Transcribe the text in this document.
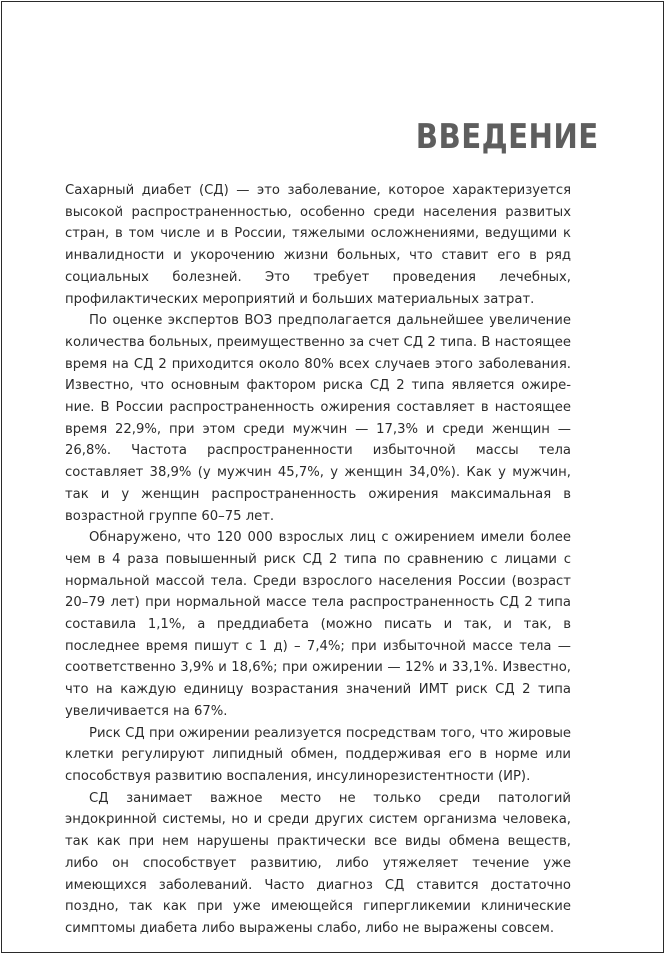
ВВЕДЕНИЕ

Сахарный диабет (СД) — это заболевание, которое характеризуется высокой распространенностью, особенно среди населения развитых стран, в том числе и в России, тяжелыми осложнениями, ведущими к инвалидности и укорочению жизни больных, что ставит его в ряд социальных болезней. Это требует проведения лечебных, профилактических мероприятий и больших материальных затрат.

По оценке экспертов ВОЗ предполагается дальнейшее увеличение количества больных, преимущественно за счет СД 2 типа. В настоящее время на СД 2 приходится около 80% всех случаев этого заболевания. Известно, что основным фактором риска СД 2 типа является ожирение. В России распространенность ожирения составляет в настоящее время 22,9%, при этом среди мужчин — 17,3% и среди женщин — 26,8%. Частота распространенности избыточной массы тела составляет 38,9% (у мужчин 45,7%, у женщин 34,0%). Как у мужчин, так и у женщин распространенность ожирения максимальная в возрастной группе 60–75 лет.

Обнаружено, что 120 000 взрослых лиц с ожирением имели более чем в 4 раза повышенный риск СД 2 типа по сравнению с лицами с нормальной массой тела. Среди взрослого населения России (возраст 20–79 лет) при нормальной массе тела распространенность СД 2 типа составила 1,1%, а преддиабета (можно писать и так, и так, в последнее время пишут с 1 д) – 7,4%; при избыточной массе тела — соответственно 3,9% и 18,6%; при ожирении — 12% и 33,1%. Известно, что на каждую единицу возрастания значений ИМТ риск СД 2 типа увеличивается на 67%.

Риск СД при ожирении реализуется посредствам того, что жировые клетки регулируют липидный обмен, поддерживая его в норме или способствуя развитию воспаления, инсулинорезистентности (ИР).

СД занимает важное место не только среди патологий эндокринной системы, но и среди других систем организма человека, так как при нем нарушены практически все виды обмена веществ, либо он способствует развитию, либо утяжеляет течение уже имеющихся заболеваний. Часто диагноз СД ставится достаточно поздно, так как при уже имеющейся гипергликемии клинические симптомы диабета либо выражены слабо, либо не выражены совсем.
